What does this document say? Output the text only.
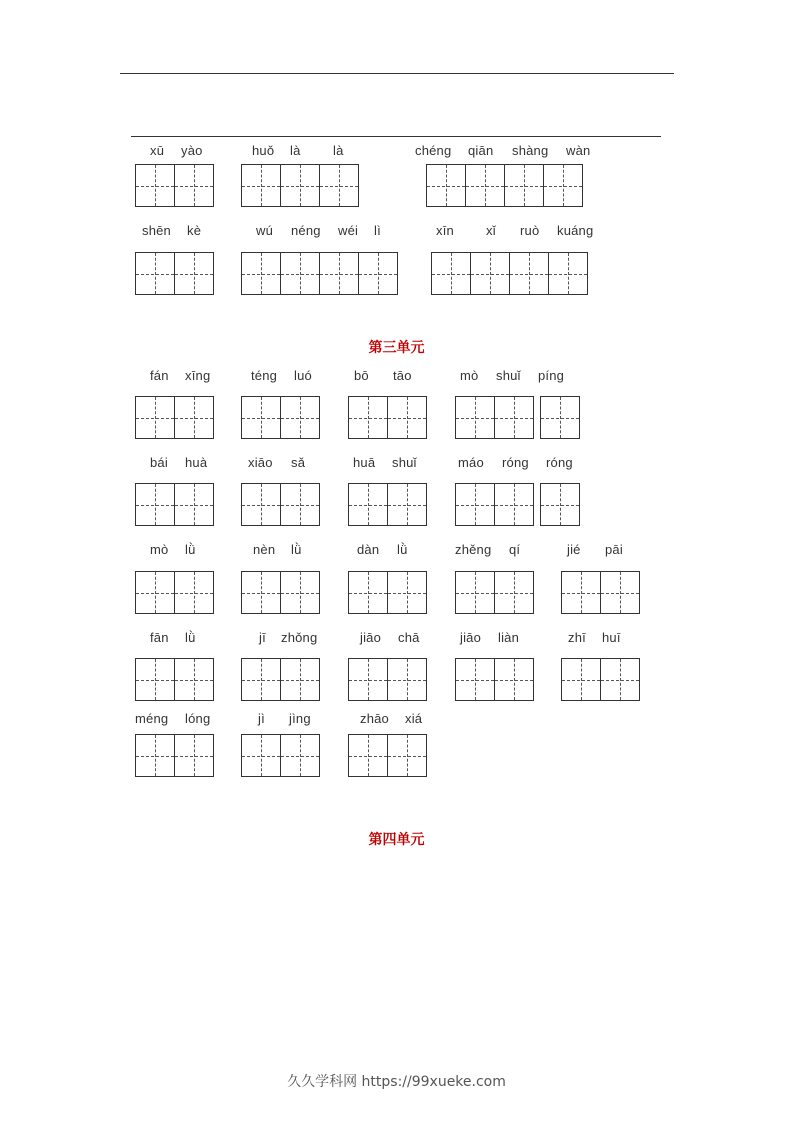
xū yào	huǒ là là	chéng qiān shàng wàn
shēn kè	wú néng wéi lì	xīn xǐ ruò kuáng
第三单元
fán xīng	téng luó	bō tāo	mò shuǐ píng
bái huà	xiāo sǎ	huā shuǐ	máo róng róng
mò lǜ	nèn lǜ	dàn lǜ	zhěng qí	jié pāi
fān lǜ	jī zhǒng	jiāo chā	jiāo liàn	zhī huī
méng lóng	jì jìng	zhāo xiá
第四单元
久久学科网 https://99xueke.com
